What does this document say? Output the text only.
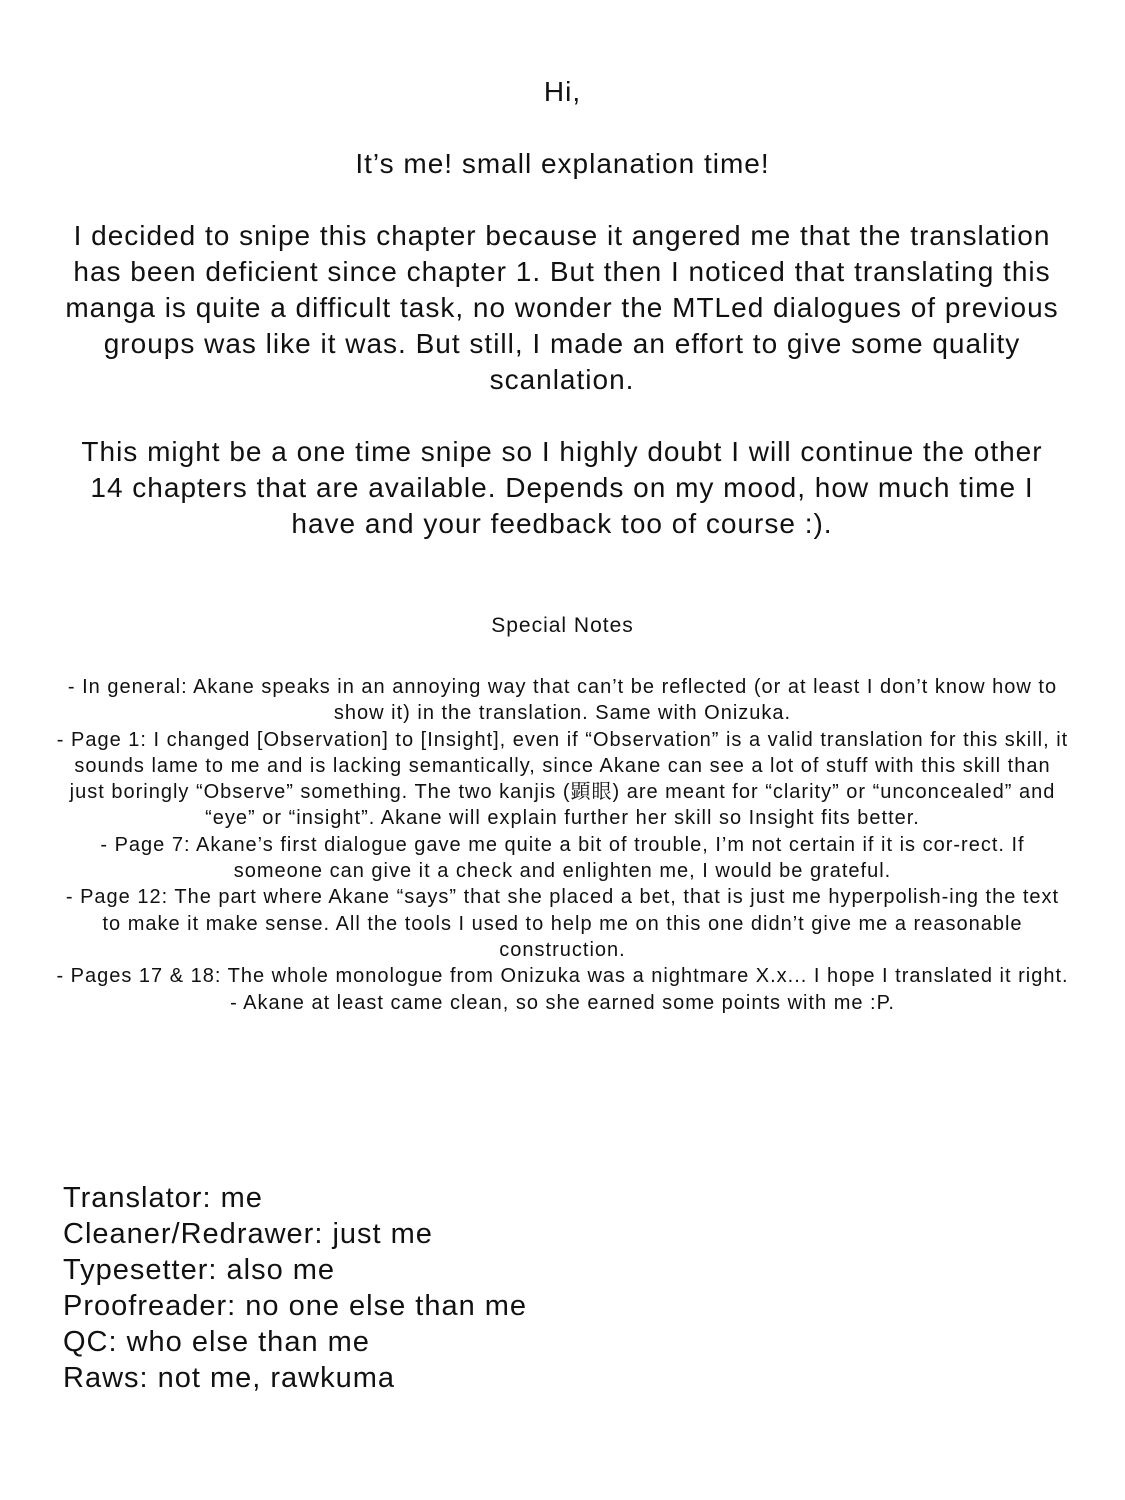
Hi,
It’s me! small explanation time!

I decided to snipe this chapter because it angered me that the translation has been deficient since chapter 1. But then I noticed that translating this manga is quite a difficult task, no wonder the MTLed dialogues of previous groups was like it was. But still, I made an effort to give some quality scanlation.

This might be a one time snipe so I highly doubt I will continue the other 14 chapters that are available. Depends on my mood, how much time I have and your feedback too of course :).

Special Notes
- In general: Akane speaks in an annoying way that can’t be reflected (or at least I don’t know how to show it) in the translation. Same with Onizuka.
- Page 1: I changed [Observation] to [Insight], even if “Observation” is a valid translation for this skill, it sounds lame to me and is lacking semantically, since Akane can see a lot of stuff with this skill than just boringly “Observe” something. The two kanjis (顕眼) are meant for “clarity” or “unconcealed” and “eye” or “insight”. Akane will explain further her skill so Insight fits better.
- Page 7: Akane’s first dialogue gave me quite a bit of trouble, I’m not certain if it is cor-rect. If someone can give it a check and enlighten me, I would be grateful.
- Page 12: The part where Akane “says” that she placed a bet, that is just me hyperpolish-ing the text to make it make sense. All the tools I used to help me on this one didn’t give me a reasonable construction.
- Pages 17 & 18: The whole monologue from Onizuka was a nightmare X.x... I hope I translated it right.
- Akane at least came clean, so she earned some points with me :P.
Translator: me
Cleaner/Redrawer: just me
Typesetter: also me
Proofreader: no one else than me
QC: who else than me
Raws: not me, rawkuma
